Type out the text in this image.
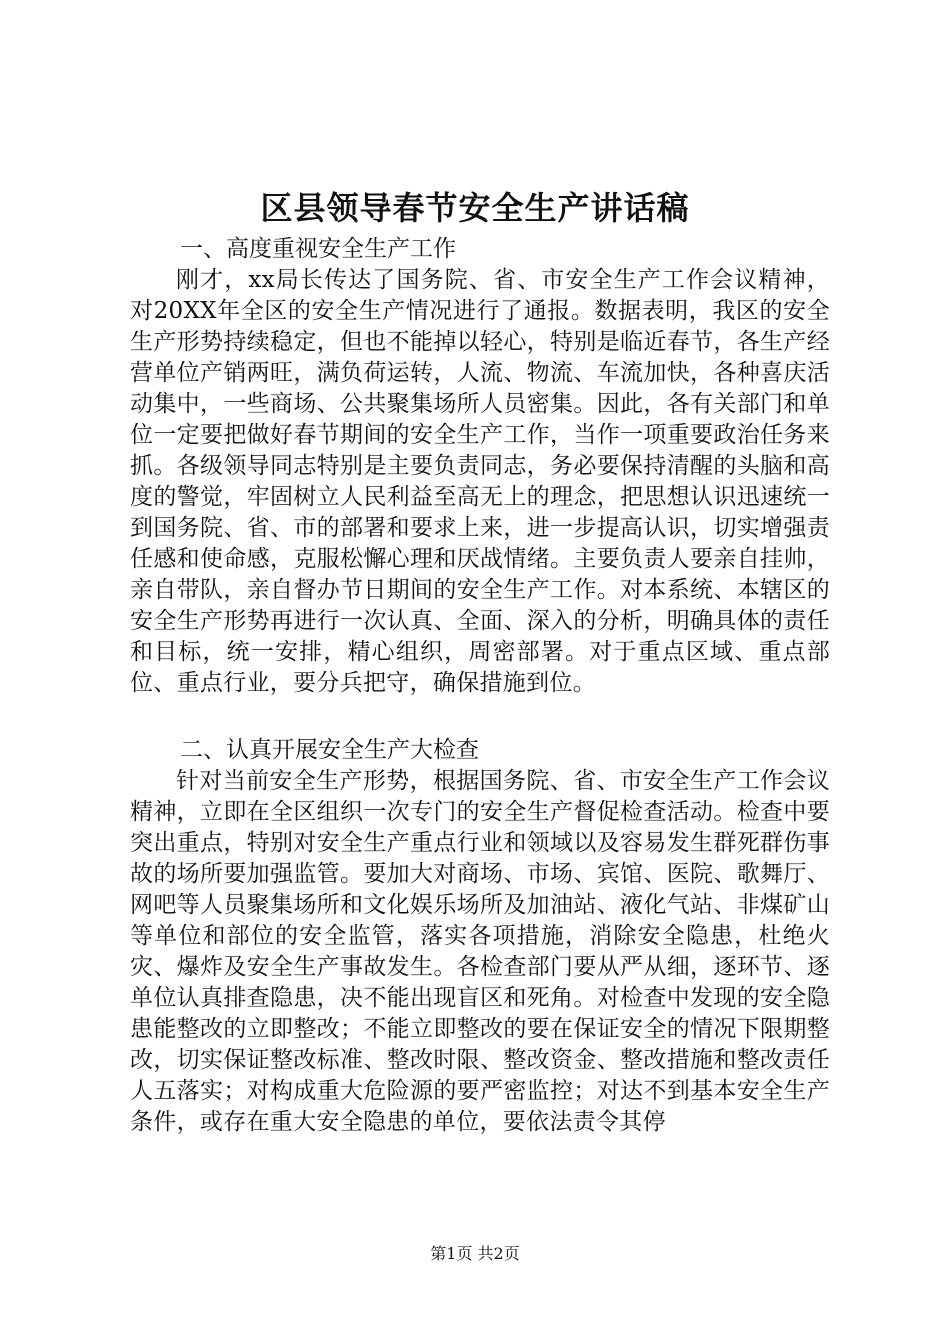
区县领导春节安全生产讲话稿
一、高度重视安全生产工作

刚才，xx局长传达了国务院、省、市安全生产工作会议精神，对20XX年全区的安全生产情况进行了通报。数据表明，我区的安全生产形势持续稳定，但也不能掉以轻心，特别是临近春节，各生产经营单位产销两旺，满负荷运转，人流、物流、车流加快，各种喜庆活动集中，一些商场、公共聚集场所人员密集。因此，各有关部门和单位一定要把做好春节期间的安全生产工作，当作一项重要政治任务来抓。各级领导同志特别是主要负责同志，务必要保持清醒的头脑和高度的警觉，牢固树立人民利益至高无上的理念，把思想认识迅速统一到国务院、省、市的部署和要求上来，进一步提高认识，切实增强责任感和使命感，克服松懈心理和厌战情绪。主要负责人要亲自挂帅，亲自带队，亲自督办节日期间的安全生产工作。对本系统、本辖区的安全生产形势再进行一次认真、全面、深入的分析，明确具体的责任和目标，统一安排，精心组织，周密部署。对于重点区域、重点部位、重点行业，要分兵把守，确保措施到位。

二、认真开展安全生产大检查

针对当前安全生产形势，根据国务院、省、市安全生产工作会议精神，立即在全区组织一次专门的安全生产督促检查活动。检查中要突出重点，特别对安全生产重点行业和领域以及容易发生群死群伤事故的场所要加强监管。要加大对商场、市场、宾馆、医院、歌舞厅、网吧等人员聚集场所和文化娱乐场所及加油站、液化气站、非煤矿山等单位和部位的安全监管，落实各项措施，消除安全隐患，杜绝火灾、爆炸及安全生产事故发生。各检查部门要从严从细，逐环节、逐单位认真排查隐患，决不能出现盲区和死角。对检查中发现的安全隐患能整改的立即整改；不能立即整改的要在保证安全的情况下限期整改，切实保证整改标准、整改时限、整改资金、整改措施和整改责任人五落实；对构成重大危险源的要严密监控；对达不到基本安全生产条件，或存在重大安全隐患的单位，要依法责令其停

第1页 共2页
